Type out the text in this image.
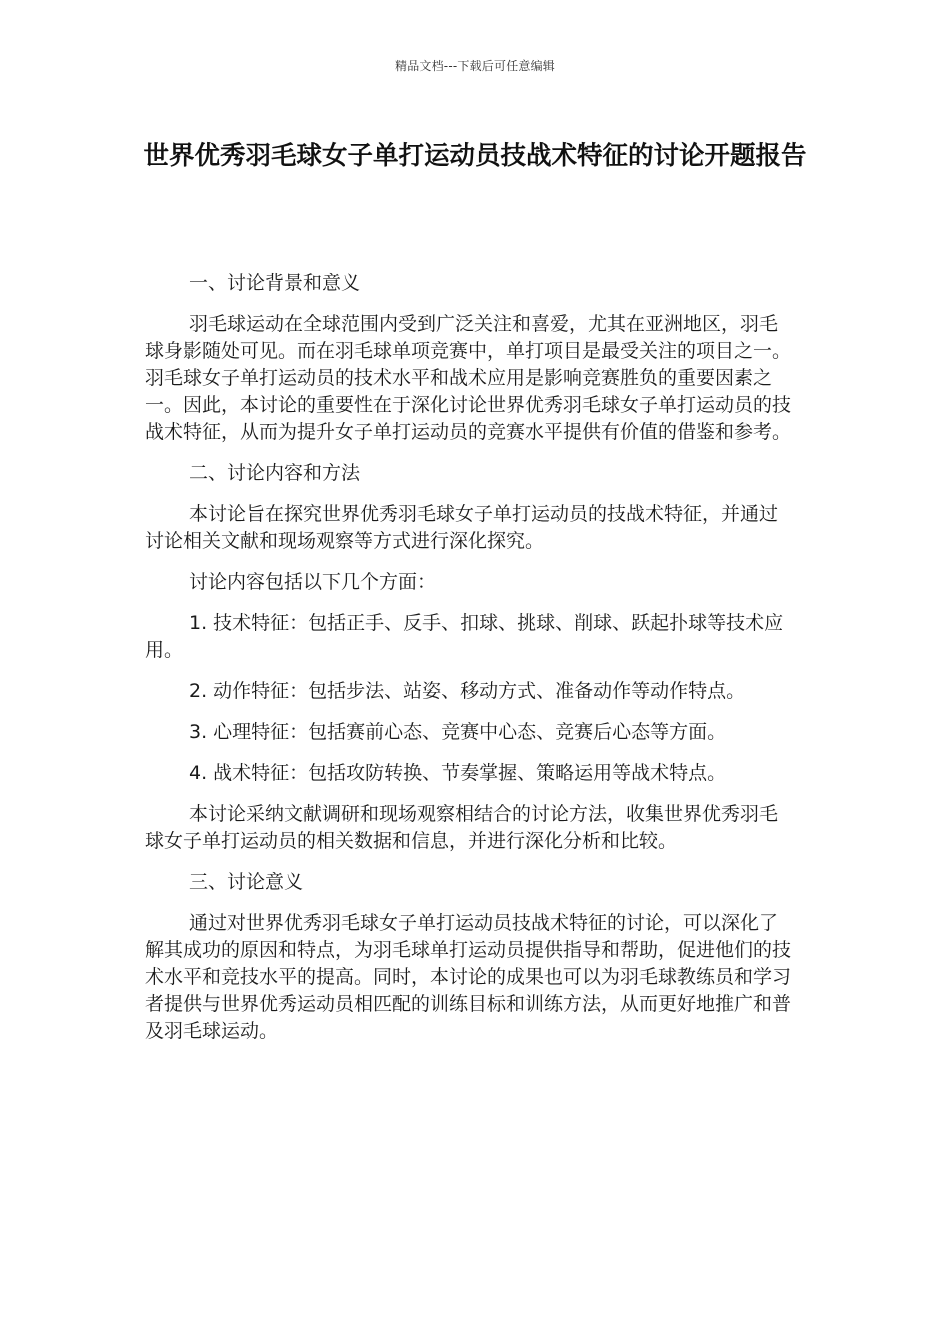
精品文档---下载后可任意编辑
世界优秀羽毛球女子单打运动员技战术特征的讨论开题报告

一、讨论背景和意义

羽毛球运动在全球范围内受到广泛关注和喜爱，尤其在亚洲地区，羽毛球身影随处可见。而在羽毛球单项竞赛中，单打项目是最受关注的项目之一。羽毛球女子单打运动员的技术水平和战术应用是影响竞赛胜负的重要因素之一。因此，本讨论的重要性在于深化讨论世界优秀羽毛球女子单打运动员的技战术特征，从而为提升女子单打运动员的竞赛水平提供有价值的借鉴和参考。

二、讨论内容和方法

本讨论旨在探究世界优秀羽毛球女子单打运动员的技战术特征，并通过讨论相关文献和现场观察等方式进行深化探究。

讨论内容包括以下几个方面：

1. 技术特征：包括正手、反手、扣球、挑球、削球、跃起扑球等技术应用。

2. 动作特征：包括步法、站姿、移动方式、准备动作等动作特点。

3. 心理特征：包括赛前心态、竞赛中心态、竞赛后心态等方面。

4. 战术特征：包括攻防转换、节奏掌握、策略运用等战术特点。

本讨论采纳文献调研和现场观察相结合的讨论方法，收集世界优秀羽毛球女子单打运动员的相关数据和信息，并进行深化分析和比较。

三、讨论意义

通过对世界优秀羽毛球女子单打运动员技战术特征的讨论，可以深化了解其成功的原因和特点，为羽毛球单打运动员提供指导和帮助，促进他们的技术水平和竞技水平的提高。同时，本讨论的成果也可以为羽毛球教练员和学习者提供与世界优秀运动员相匹配的训练目标和训练方法，从而更好地推广和普及羽毛球运动。
